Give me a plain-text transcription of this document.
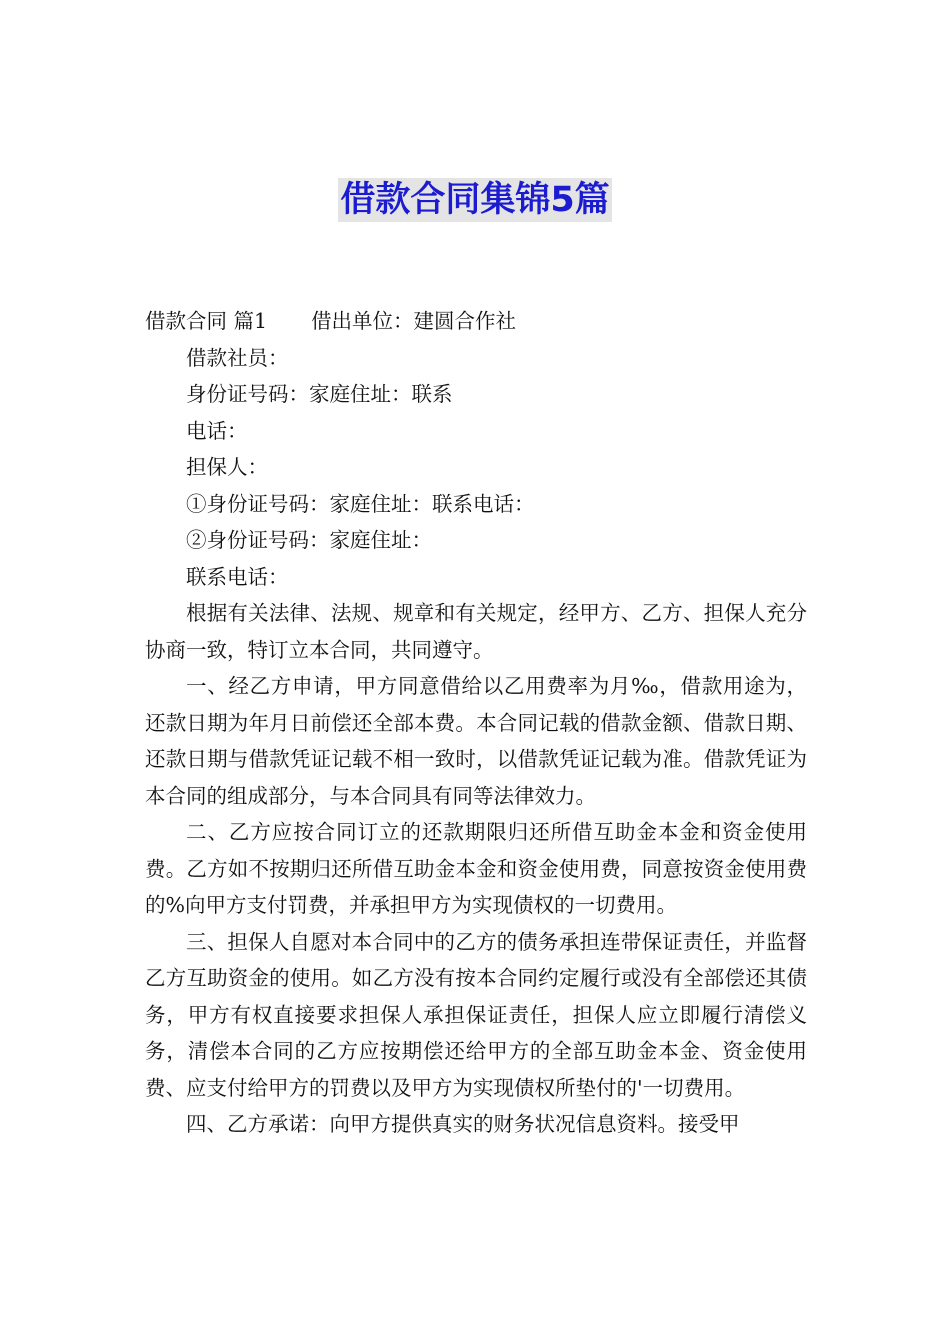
借款合同集锦5篇

借款合同 篇1 借出单位：建圆合作社

借款社员：

身份证号码：家庭住址：联系

电话：

担保人：

①身份证号码：家庭住址：联系电话：

②身份证号码：家庭住址：

联系电话：

根据有关法律、法规、规章和有关规定，经甲方、乙方、担保人充分协商一致，特订立本合同，共同遵守。

一、经乙方申请，甲方同意借给以乙用费率为月‰，借款用途为，还款日期为年月日前偿还全部本费。本合同记载的借款金额、借款日期、还款日期与借款凭证记载不相一致时，以借款凭证记载为准。借款凭证为本合同的组成部分，与本合同具有同等法律效力。

二、乙方应按合同订立的还款期限归还所借互助金本金和资金使用费。乙方如不按期归还所借互助金本金和资金使用费，同意按资金使用费的%向甲方支付罚费，并承担甲方为实现债权的一切费用。

三、担保人自愿对本合同中的乙方的债务承担连带保证责任，并监督乙方互助资金的使用。如乙方没有按本合同约定履行或没有全部偿还其债务，甲方有权直接要求担保人承担保证责任，担保人应立即履行清偿义务，清偿本合同的乙方应按期偿还给甲方的全部互助金本金、资金使用费、应支付给甲方的罚费以及甲方为实现债权所垫付的'一切费用。

四、乙方承诺：向甲方提供真实的财务状况信息资料。接受甲
